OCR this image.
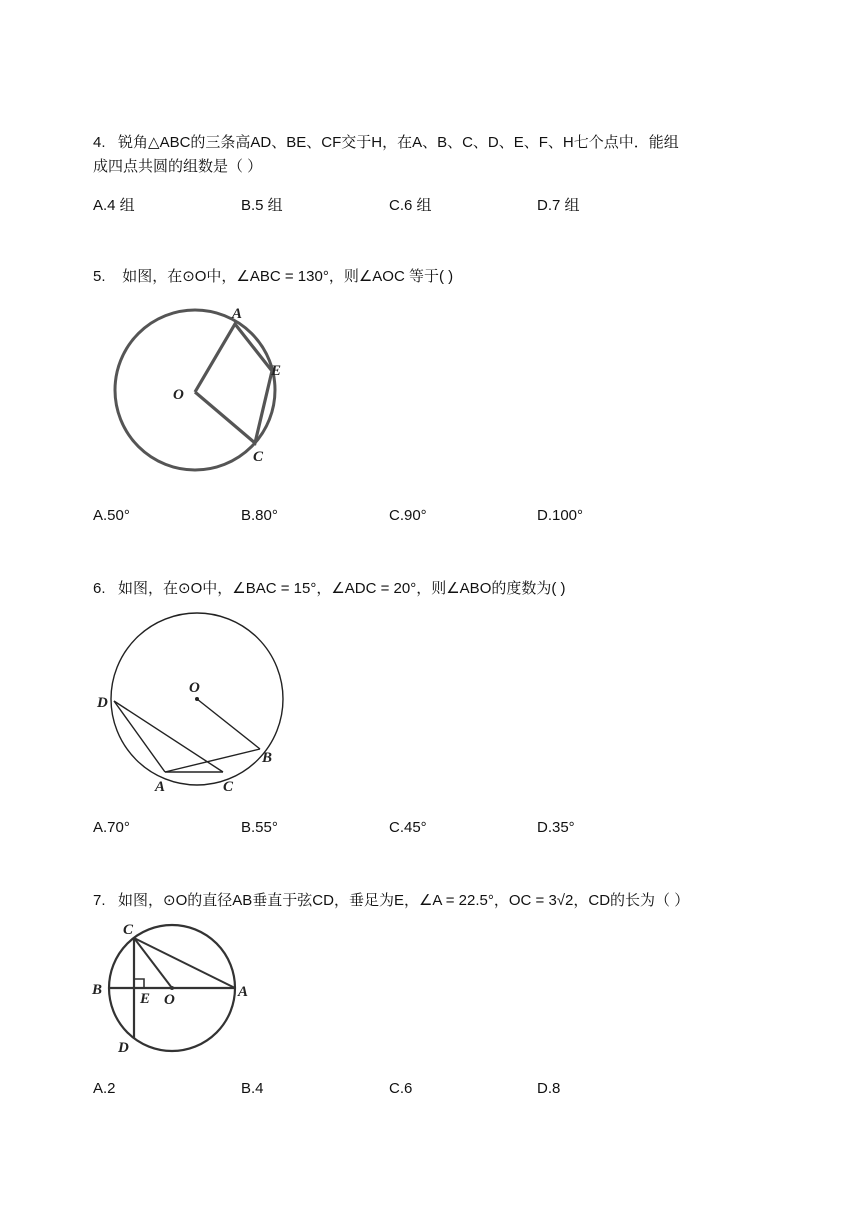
4. 锐角△ABC的三条高AD、BE、CF交于H，在A、B、C、D、E、F、H七个点中．能组
成四点共圆的组数是（ ）
A.4 组	B.5 组	C.6 组	D.7 组
5. 如图，在⊙O中，∠ABC = 130°，则∠AOC 等于( )
A
E
O
C
A.50°	B.80°	C.90°	D.100°
6. 如图，在⊙O中，∠BAC = 15°，∠ADC = 20°，则∠ABO的度数为( )
O
D
B
A	C
A.70°	B.55°	C.45°	D.35°
7. 如图，⊙O的直径AB垂直于弦CD，垂足为E，∠A = 22.5°，OC = 3√2，CD的长为（ ）
C
B
E O	A
D
A.2	B.4	C.6	D.8
